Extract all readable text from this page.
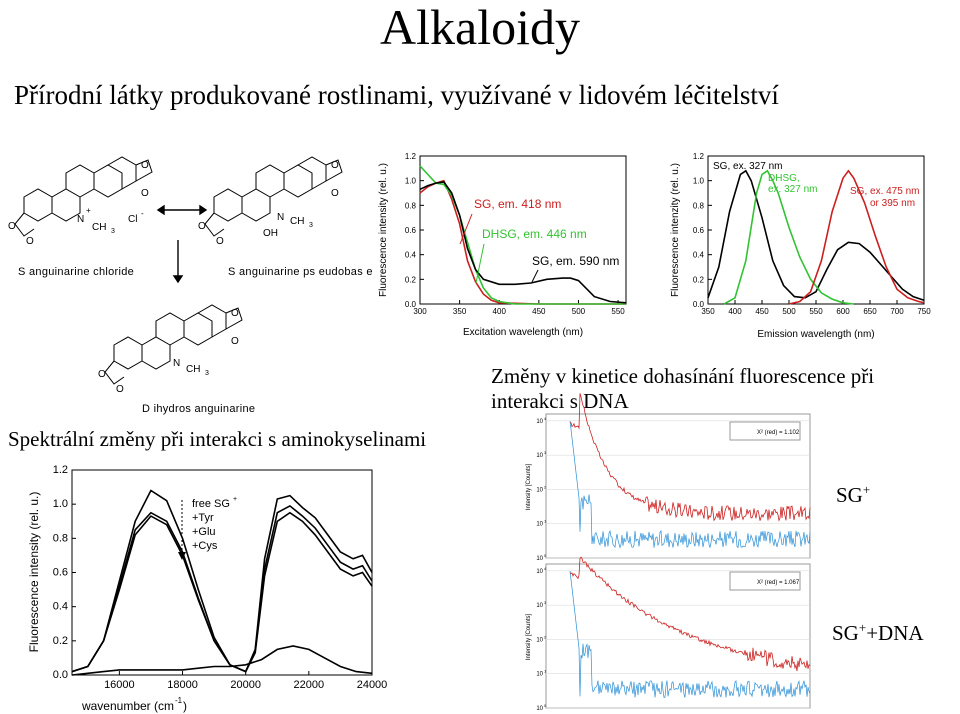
Alkaloidy
Přírodní látky produkované rostlinami, využívané v lidovém léčitelství
O
O
O
O
N
+
CH 3
Cl
-
O
O
O
O
N CH 3
OH
O
O
O
O
N
CH 3
S anguinarine chloride	S anguinarine ps eudobas e
D ihydros anguinarine
0.0
0.2
0.4
0.6
0.8
1.0
1.2
300	350	400	450	500	550
Fluorescence intensity (rel. u.)
Excitation wavelength (nm)
SG, em. 418 nm
DHSG, em. 446 nm
SG, em. 590 nm
0.0
0.2
0.4
0.6
0.8
1.0
1.2
350 400 450 500 550 600 650 700 750
Fluorescence intenzity (rel. u.)
Emission wavelength (nm)
SG, ex. 327 nm
DHSG,
ex. 327 nm	SG, ex. 475 nm
or 395 nm
Spektrální změny při interakci s aminokyselinami
Změny v kinetice dohasínání fluorescence při
interakci s DNA
0.0
0.2
0.4
0.6
0.8
1.0
1.2
16000	18000	20000	22000	24000
Fluorescence intensity (rel. u.)
wavenumber (cm -1 )
free SG +
+Tyr
+Glu
+Cys
10
0
10
1
10
2
10
3
10
4
Intensity [Counts]
X² (red) = 1.102
10
0
10
1
10
2
10
3
10
4
Intensity [Counts]
X² (red) = 1.067
SG+
SG++DNA
